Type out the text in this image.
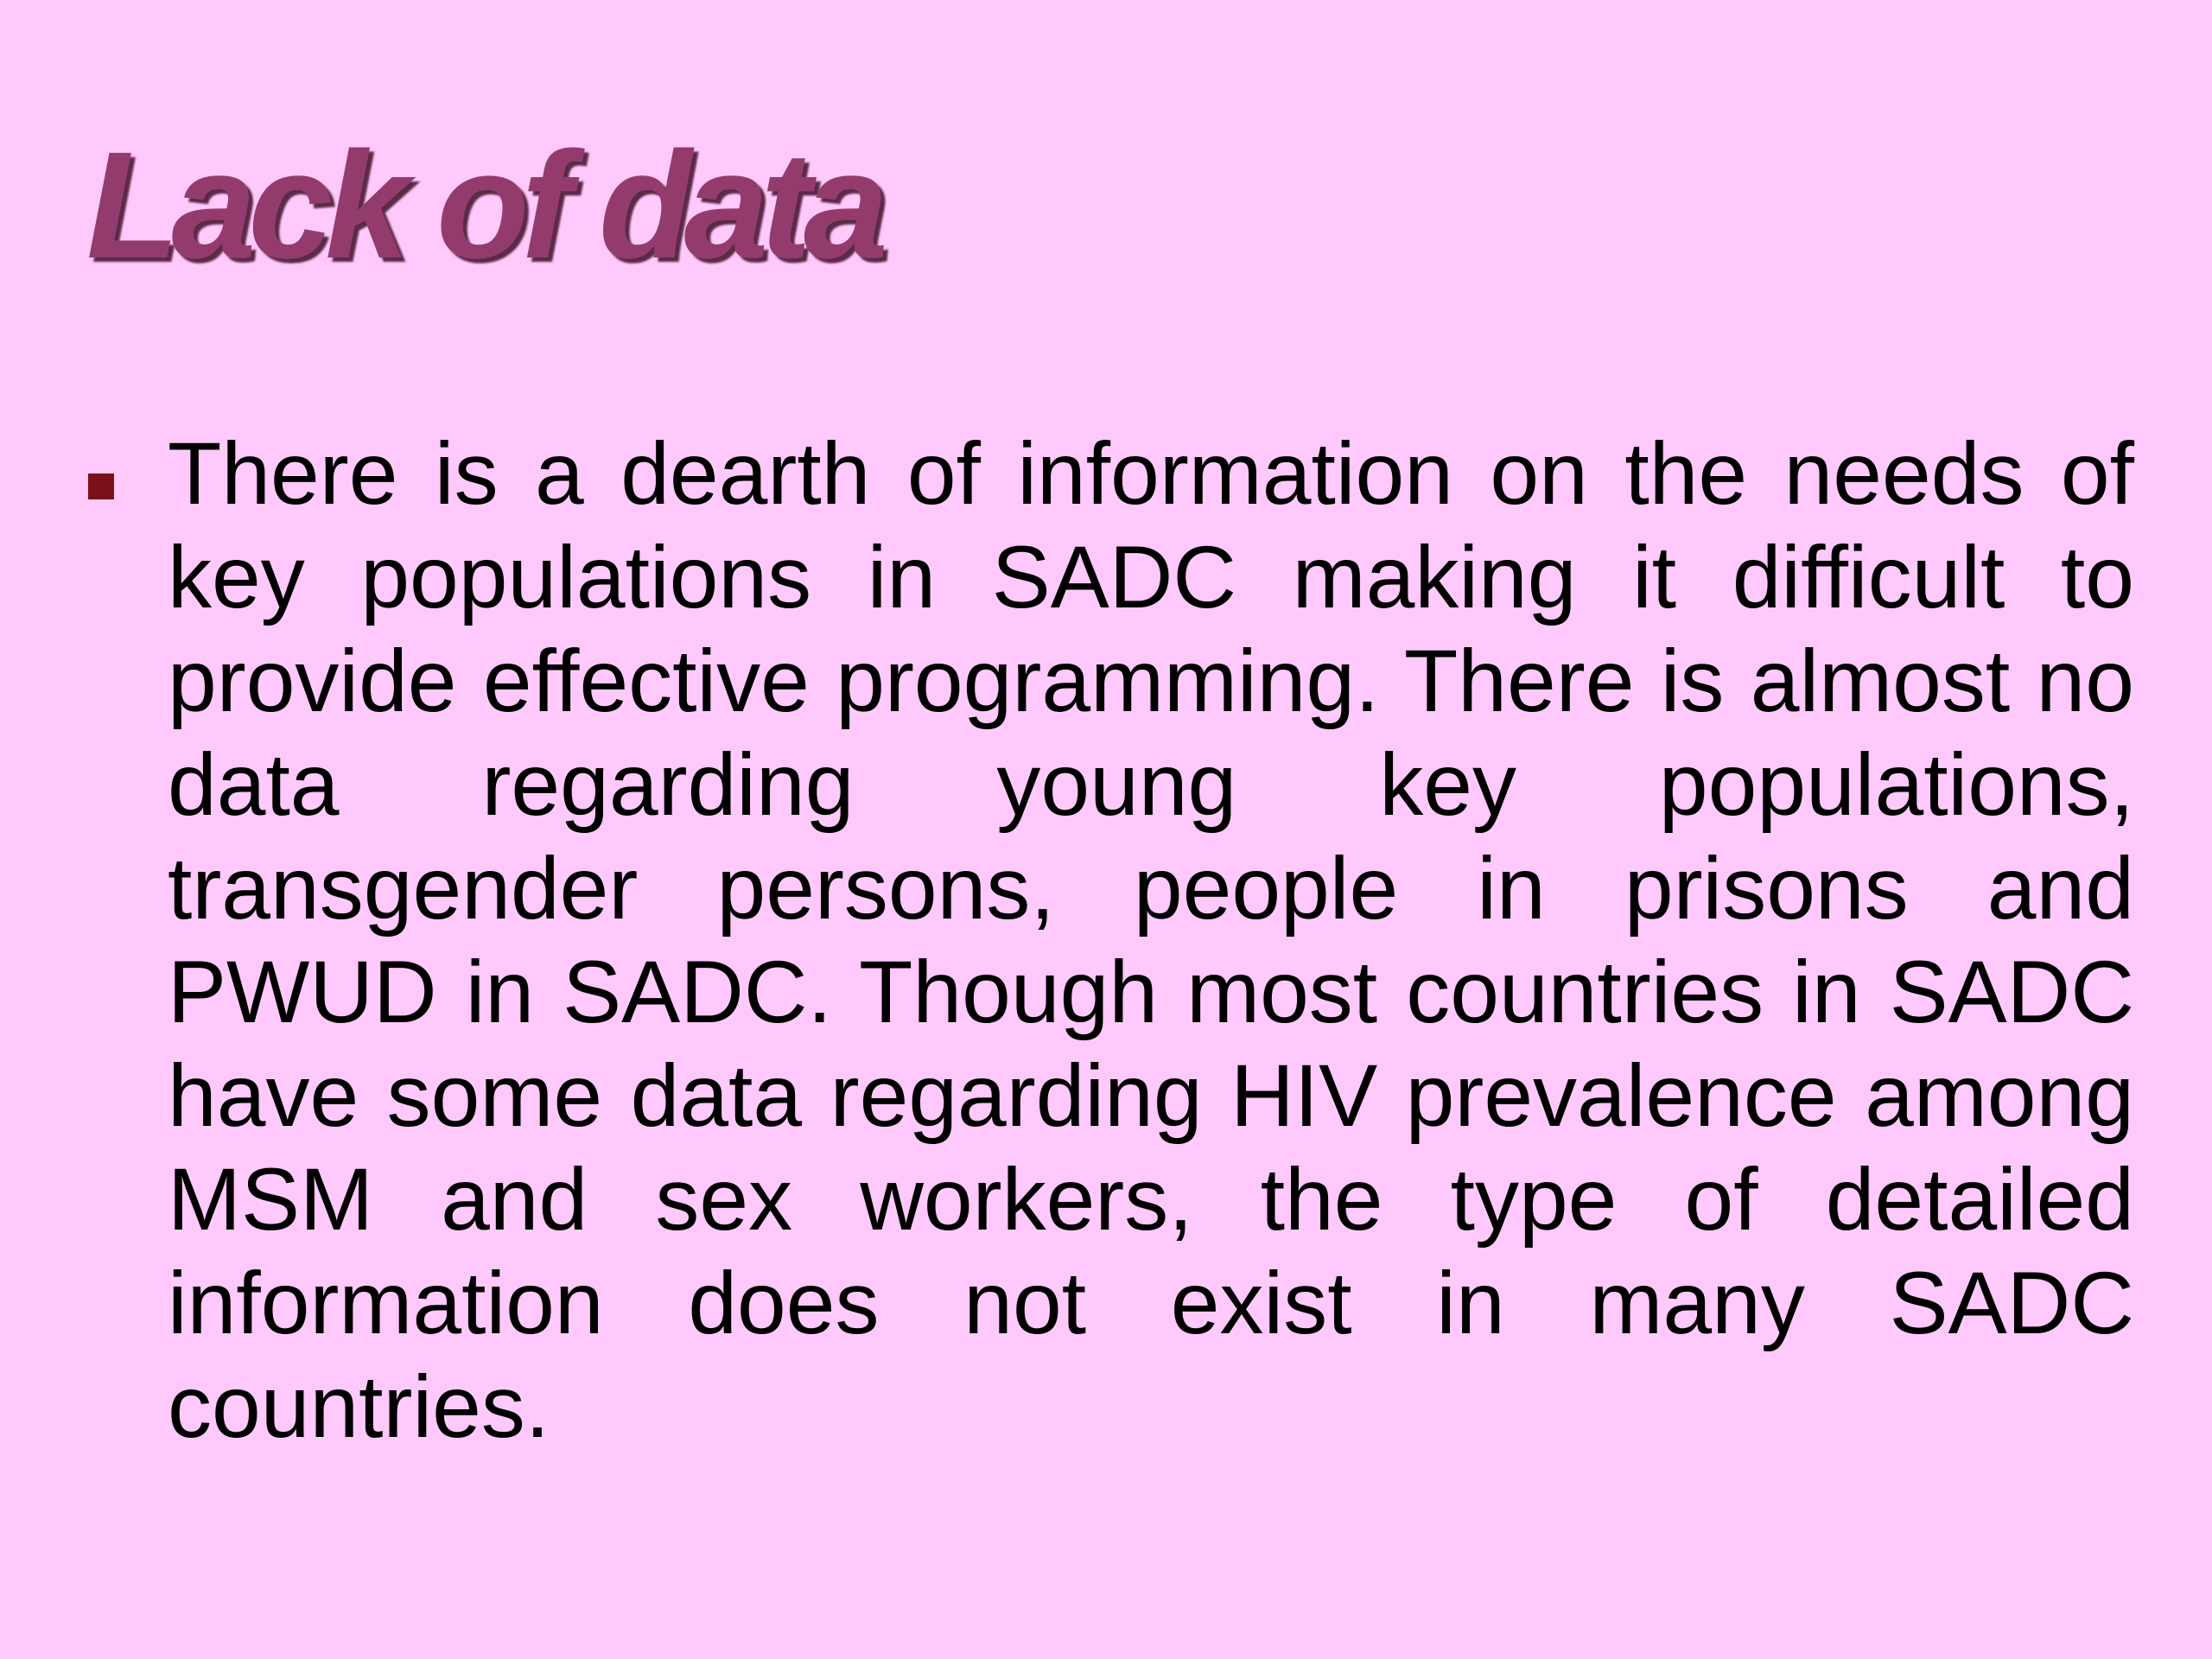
Lack of data
There is a dearth of information on the needs of key populations in SADC making it difficult to provide effective programming. There is almost no data regarding young key populations, transgender persons, people in prisons and PWUD in SADC. Though most countries in SADC have some data regarding HIV prevalence among MSM and sex workers, the type of detailed information does not exist in many SADC countries.
